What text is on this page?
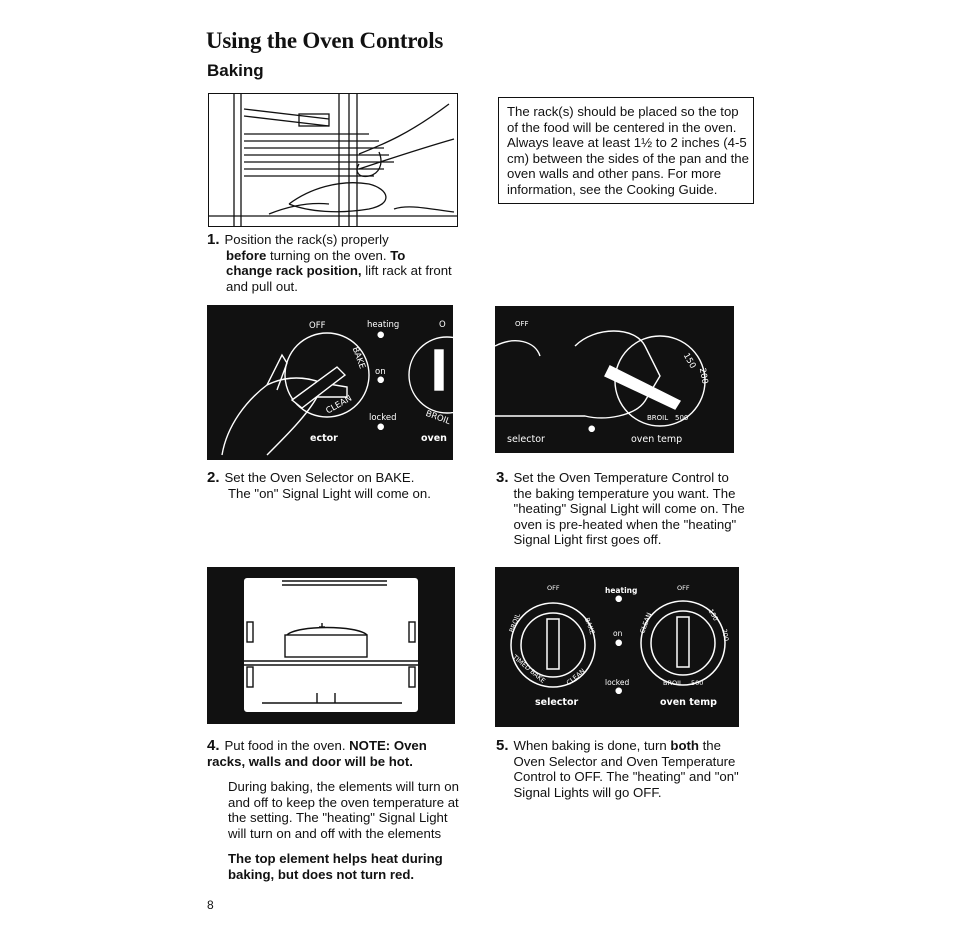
Using the Oven Controls
Baking

The rack(s) should be placed so the top of the food will be centered in the oven. Always leave at least 1½ to 2 inches (4-5 cm) between the sides of the pan and the oven walls and other pans. For more information, see the Cooking Guide.

1. Position the rack(s) properly

before turning on the oven. To change rack position, lift rack at front and pull out.

OFF	heating	O
●
on
●
locked
●
BAKE
CLEAN
BROIL
ector	oven

2. Set the Oven Selector on BAKE.

The "on" Signal Light will come on.

OFF
150
200
BROIL 500
●
selector	oven temp
3. Set the Oven Temperature Control to the baking temperature you want. The "heating" Signal Light will come on. The oven is pre-heated when the "heating" Signal Light first goes off.

OFF	heating
●
OFF
on
●
locked
●
BROIL	BAKE
TIMED BAKE	CLEAN
CLEAN	150
200
BROIL 500
selector	oven temp

4. Put food in the oven. NOTE: Oven racks, walls and door will be hot.

During baking, the elements will turn on and off to keep the oven temperature at the setting. The "heating" Signal Light will turn on and off with the elements

The top element helps heat during baking, but does not turn red.

5. When baking is done, turn both the Oven Selector and Oven Temperature Control to OFF. The "heating" and "on" Signal Lights will go OFF.

8
